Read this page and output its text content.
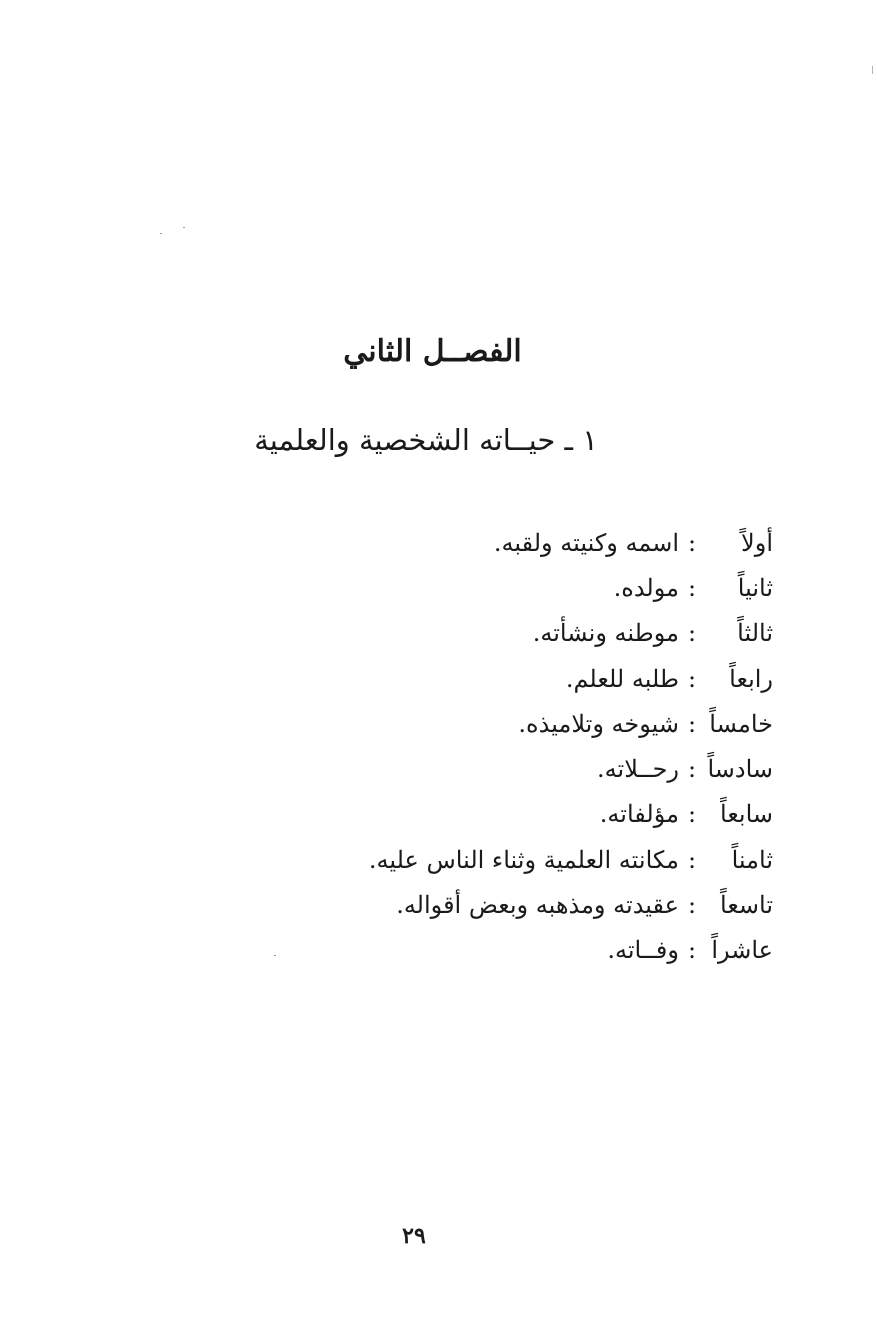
الفصــل الثاني
١ ـ حيــاته الشخصية والعلمية
أولاً
:
اسمه وكنيته ولقبه.
ثانياً
:
مولده.
ثالثاً
:
موطنه ونشأته.
رابعاً
:
طلبه للعلم.
خامساً
:
شيوخه وتلاميذه.
سادساً
:
رحــلاته.
سابعاً
:
مؤلفاته.
ثامناً
:
مكانته العلمية وثناء الناس عليه.
تاسعاً
:
عقيدته ومذهبه وبعض أقواله.
عاشراً
:
وفــاته.
٢٩
